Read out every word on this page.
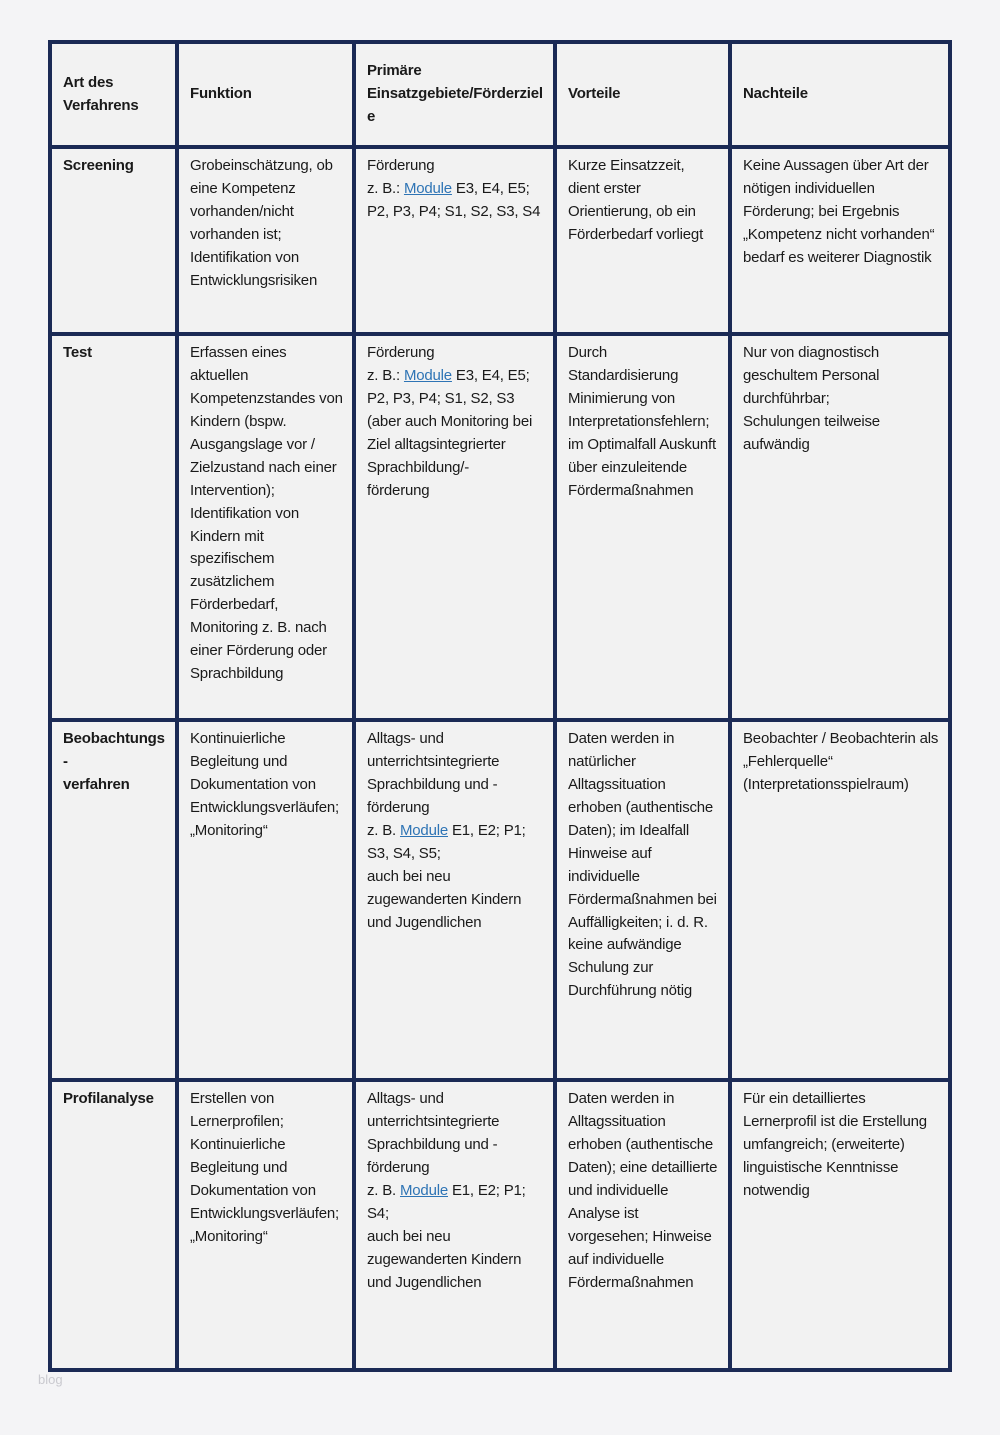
Art des Verfahrens	Funktion	Primäre Einsatzgebiete/Förderziele	Vorteile	Nachteile
Screening	Grobeinschätzung, ob eine Kompetenz vorhanden/nicht vorhanden ist; Identifikation von Entwicklungsrisiken	Förderung
z. B.: Module E3, E4, E5; P2, P3, P4; S1, S2, S3, S4	Kurze Einsatzzeit, dient erster Orientierung, ob ein Förderbedarf vorliegt	Keine Aussagen über Art der nötigen individuellen Förderung; bei Ergebnis „Kompetenz nicht vorhanden“ bedarf es weiterer Diagnostik
Test	Erfassen eines aktuellen Kompetenzstandes von Kindern (bspw. Ausgangslage vor / Zielzustand nach einer Intervention); Identifikation von Kindern mit spezifischem zusätzlichem Förderbedarf, Monitoring z. B. nach einer Förderung oder Sprachbildung	Förderung
z. B.: Module E3, E4, E5; P2, P3, P4; S1, S2, S3 (aber auch Monitoring bei Ziel alltagsintegrierter Sprachbildung/-
förderung	Durch Standardisierung Minimierung von Interpretationsfehlern; im Optimalfall Auskunft über einzuleitende Fördermaßnahmen	Nur von diagnostisch geschultem Personal durchführbar;
Schulungen teilweise aufwändig
Beobachtungs-
verfahren	Kontinuierliche Begleitung und Dokumentation von Entwicklungsverläufen; „Monitoring“	Alltags- und unterrichtsintegrierte Sprachbildung und - förderung
z. B. Module E1, E2; P1; S3, S4, S5;
auch bei neu zugewanderten Kindern und Jugendlichen	Daten werden in natürlicher Alltagssituation erhoben (authentische Daten); im Idealfall Hinweise auf individuelle Fördermaßnahmen bei Auffälligkeiten; i. d. R. keine aufwändige Schulung zur Durchführung nötig	Beobachter / Beobachterin als „Fehlerquelle“ (Interpretationsspielraum)
Profilanalyse	Erstellen von Lernerprofilen; Kontinuierliche Begleitung und Dokumentation von Entwicklungsverläufen; „Monitoring“	Alltags- und unterrichtsintegrierte Sprachbildung und - förderung
z. B. Module E1, E2; P1; S4;
auch bei neu zugewanderten Kindern und Jugendlichen	Daten werden in Alltagssituation erhoben (authentische Daten); eine detaillierte und individuelle Analyse ist vorgesehen; Hinweise auf individuelle Fördermaßnahmen	Für ein detailliertes Lernerprofil ist die Erstellung umfangreich; (erweiterte) linguistische Kenntnisse notwendig
blog
